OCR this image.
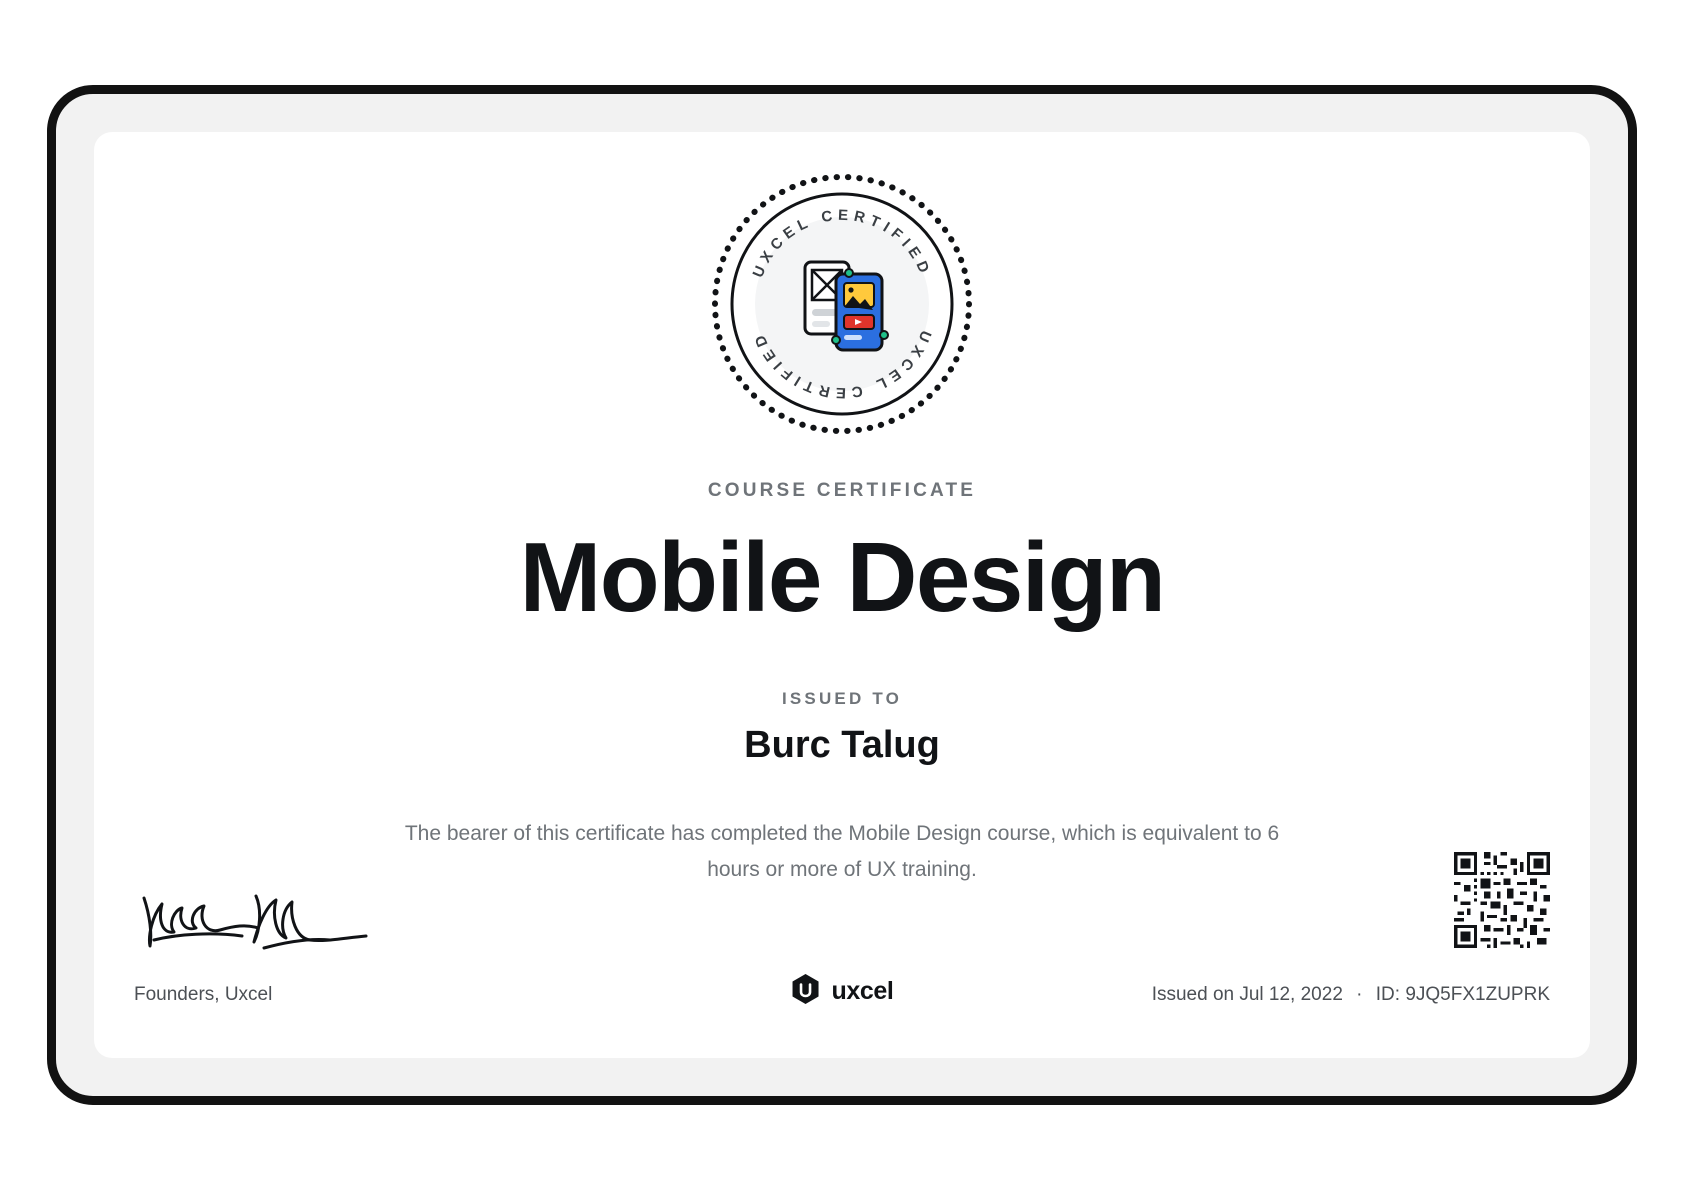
UXCEL CERTIFIED
UXCEL CERTIFIED
COURSE CERTIFICATE
Mobile Design
ISSUED TO
Burc Talug
The bearer of this certificate has completed the Mobile Design course, which is equivalent to 6 hours or more of UX training.
Founders, Uxcel	uxcel	Issued on Jul 12, 2022 · ID: 9JQ5FX1ZUPRK
